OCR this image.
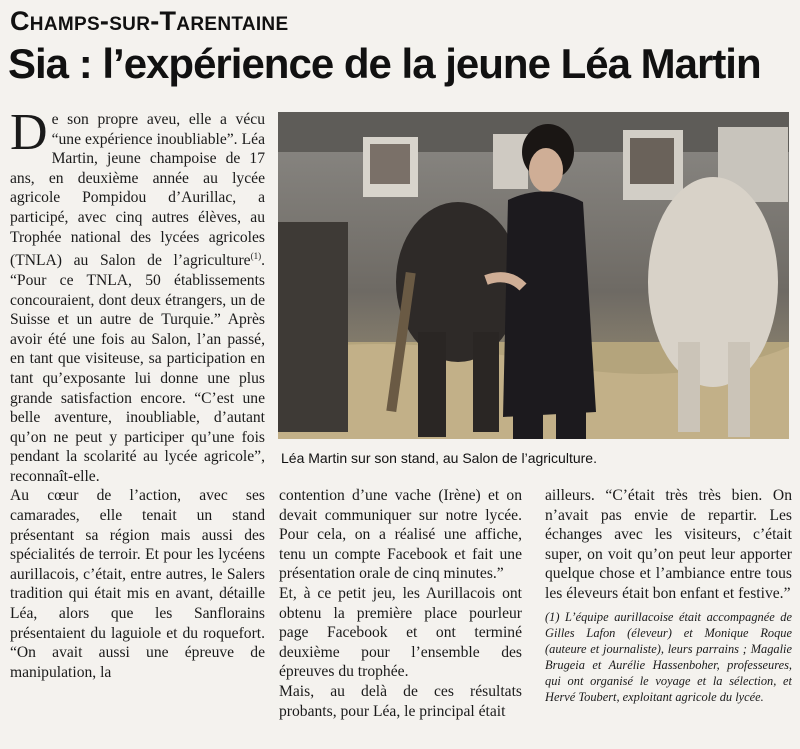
Champs-sur-Tarentaine
Sia : l’expérience de la jeune Léa Martin

De son propre aveu, elle a vécu “une expérience inoubliable”. Léa Martin, jeune champoise de 17 ans, en deuxième année au lycée agricole Pompidou d’Aurillac, a participé, avec cinq autres élèves, au Trophée national des lycées agricoles (TNLA) au Salon de l’agriculture$^{(1)}$. “Pour ce TNLA, 50 établissements concouraient, dont deux étrangers, un de Suisse et un autre de Turquie.” Après avoir été une fois au Salon, l’an passé, en tant que visiteuse, sa participation en tant qu’exposante lui donne une plus grande satisfaction encore. “C’est une belle aventure, inoubliable, d’autant qu’on ne peut y participer qu’une fois pendant la scolarité au lycée agricole”, reconnaît-elle.

Au cœur de l’action, avec ses camarades, elle tenait un stand présentant sa région mais aussi des spécialités de terroir. Et pour les lycéens aurillacois, c’était, entre autres, le Salers tradition qui était mis en avant, détaille Léa, alors que les Sanflorains présentaient du laguiole et du roquefort. “On avait aussi une épreuve de manipulation, la

Léa Martin sur son stand, au Salon de l’agriculture.

contention d’une vache (Irène) et on devait communiquer sur notre lycée. Pour cela, on a réalisé une affiche, tenu un compte Facebook et fait une présentation orale de cinq minutes.”

Et, à ce petit jeu, les Aurillacois ont obtenu la première place pourleur page Facebook et ont terminé deuxième pour l’ensemble des épreuves du trophée.

Mais, au delà de ces résultats probants, pour Léa, le principal était

ailleurs. “C’était très très bien. On n’avait pas envie de repartir. Les échanges avec les visiteurs, c’était super, on voit qu’on peut leur apporter quelque chose et l’ambiance entre tous les éleveurs était bon enfant et festive.”

(1) L’équipe aurillacoise était accompagnée de Gilles Lafon (éleveur) et Monique Roque (auteure et journaliste), leurs parrains ; Magalie Brugeia et Aurélie Hassenboher, professeures, qui ont organisé le voyage et la sélection, et Hervé Toubert, exploitant agricole du lycée.
